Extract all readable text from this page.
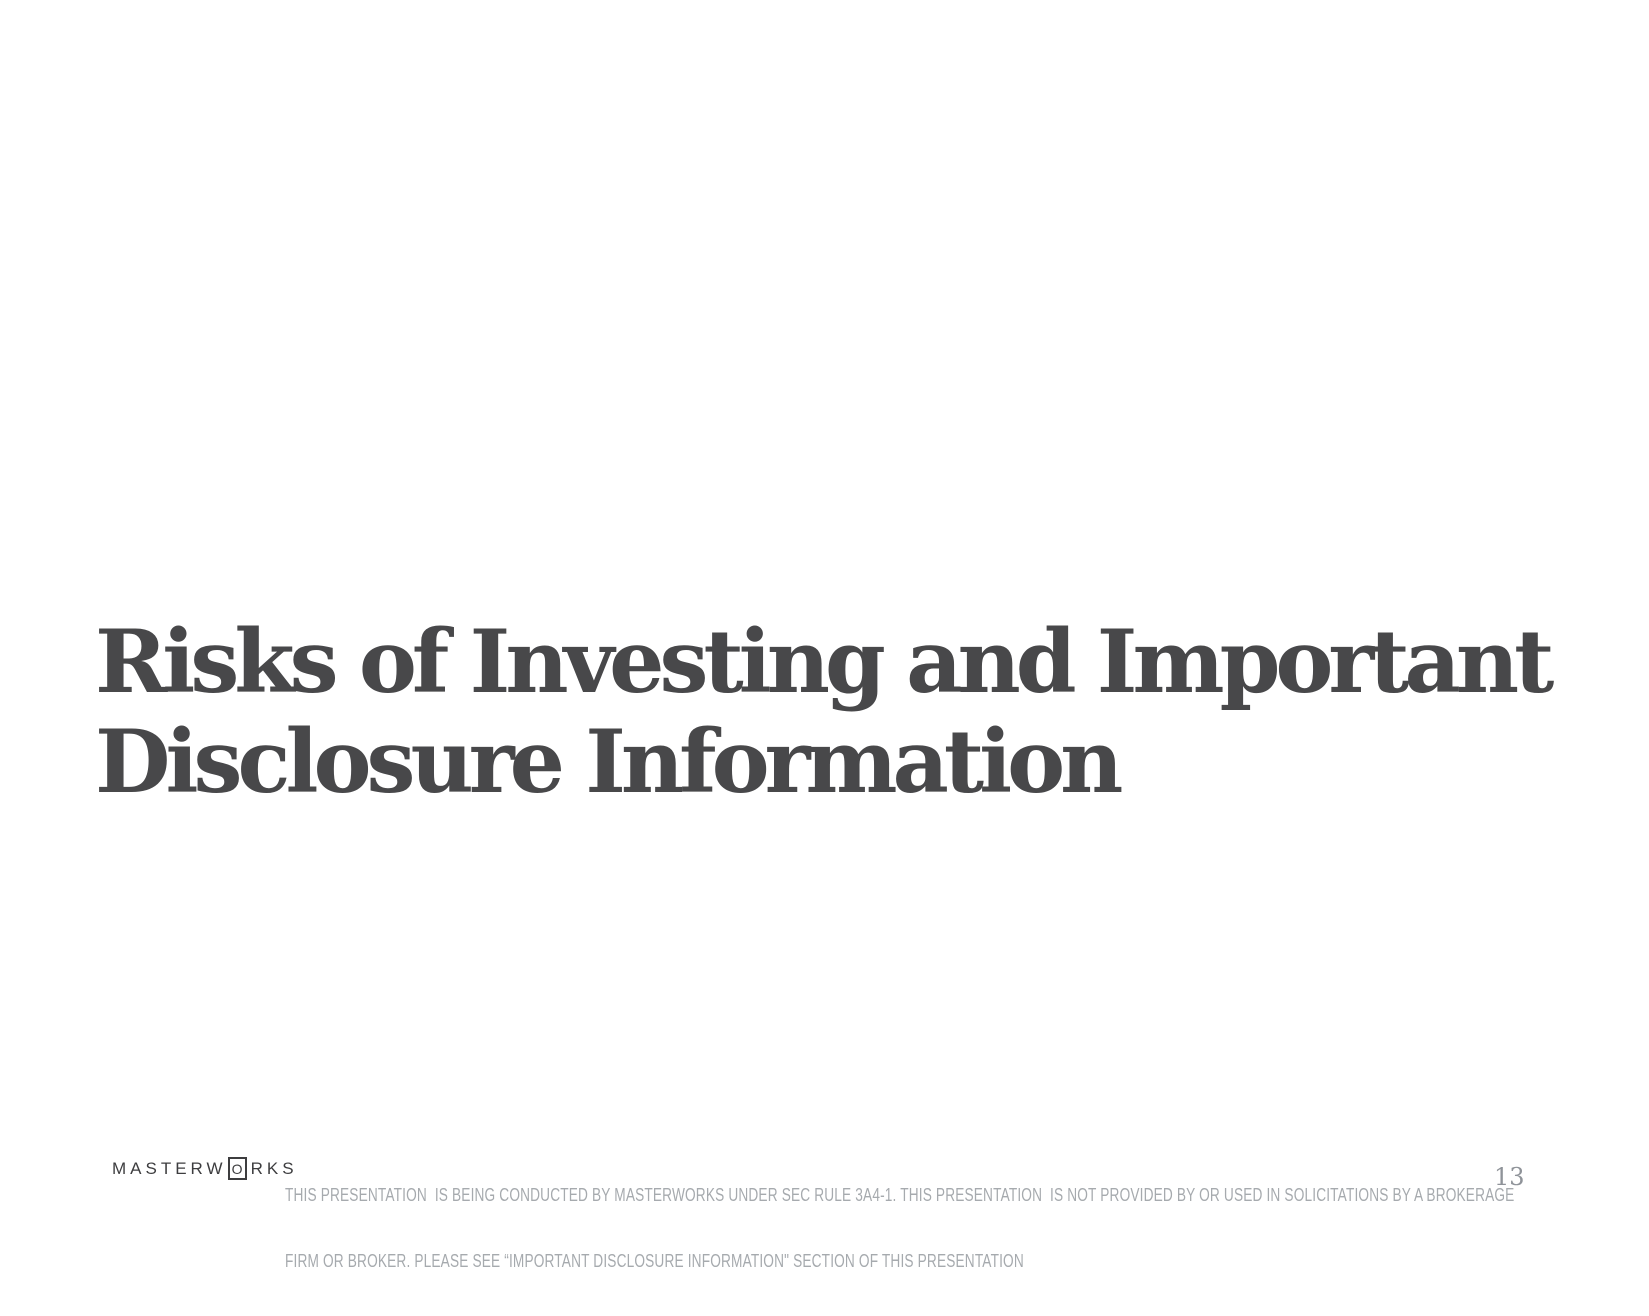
Risks of Investing and Important
Disclosure Information
MASTERW O RKS

THIS PRESENTATION  IS BEING CONDUCTED BY MASTERWORKS UNDER SEC RULE 3A4-1. THIS PRESENTATION  IS NOT PROVIDED BY OR USED IN SOLICITATIONS BY A BROKERAGE

FIRM OR BROKER. PLEASE SEE “IMPORTANT DISCLOSURE INFORMATION" SECTION OF THIS PRESENTATION

13
